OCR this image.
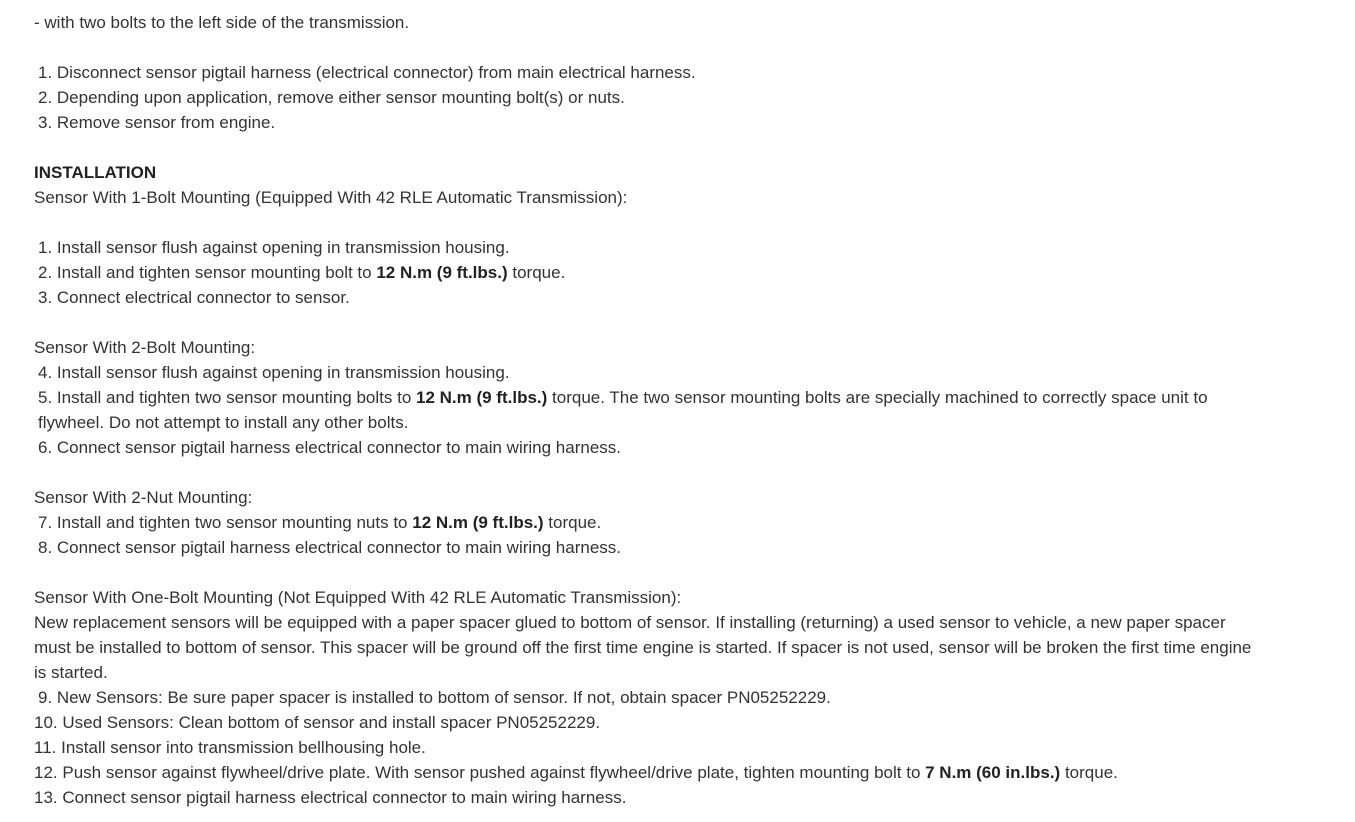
- with two bolts to the left side of the transmission.
1. Disconnect sensor pigtail harness (electrical connector) from main electrical harness.
2. Depending upon application, remove either sensor mounting bolt(s) or nuts.
3. Remove sensor from engine.
INSTALLATION
Sensor With 1-Bolt Mounting (Equipped With 42 RLE Automatic Transmission):
1. Install sensor flush against opening in transmission housing.
2. Install and tighten sensor mounting bolt to 12 N.m (9 ft.lbs.) torque.
3. Connect electrical connector to sensor.
Sensor With 2-Bolt Mounting:
4. Install sensor flush against opening in transmission housing.
5. Install and tighten two sensor mounting bolts to 12 N.m (9 ft.lbs.) torque. The two sensor mounting bolts are specially machined to correctly space unit to flywheel. Do not attempt to install any other bolts.
6. Connect sensor pigtail harness electrical connector to main wiring harness.
Sensor With 2-Nut Mounting:
7. Install and tighten two sensor mounting nuts to 12 N.m (9 ft.lbs.) torque.
8. Connect sensor pigtail harness electrical connector to main wiring harness.
Sensor With One-Bolt Mounting (Not Equipped With 42 RLE Automatic Transmission):
New replacement sensors will be equipped with a paper spacer glued to bottom of sensor. If installing (returning) a used sensor to vehicle, a new paper spacer must be installed to bottom of sensor. This spacer will be ground off the first time engine is started. If spacer is not used, sensor will be broken the first time engine is started.
9. New Sensors: Be sure paper spacer is installed to bottom of sensor. If not, obtain spacer PN05252229.
10. Used Sensors: Clean bottom of sensor and install spacer PN05252229.
11. Install sensor into transmission bellhousing hole.
12. Push sensor against flywheel/drive plate. With sensor pushed against flywheel/drive plate, tighten mounting bolt to 7 N.m (60 in.lbs.) torque.
13. Connect sensor pigtail harness electrical connector to main wiring harness.
